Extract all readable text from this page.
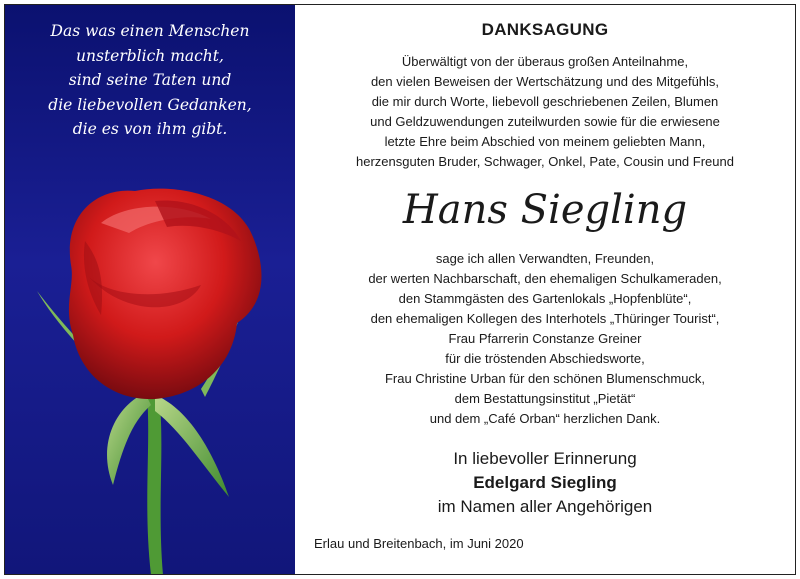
Das was einen Menschen
unsterblich macht,
sind seine Taten und
die liebevollen Gedanken,
die es von ihm gibt.
DANKSAGUNG
Überwältigt von der überaus großen Anteilnahme,
den vielen Beweisen der Wertschätzung und des Mitgefühls,
die mir durch Worte, liebevoll geschriebenen Zeilen, Blumen
und Geldzuwendungen zuteilwurden sowie für die erwiesene
letzte Ehre beim Abschied von meinem geliebten Mann,
herzensguten Bruder, Schwager, Onkel, Pate, Cousin und Freund
Hans Siegling
sage ich allen Verwandten, Freunden,
der werten Nachbarschaft, den ehemaligen Schulkameraden,
den Stammgästen des Gartenlokals „Hopfenblüte“,
den ehemaligen Kollegen des Interhotels „Thüringer Tourist“,
Frau Pfarrerin Constanze Greiner
für die tröstenden Abschiedsworte,
Frau Christine Urban für den schönen Blumenschmuck,
dem Bestattungsinstitut „Pietät“
und dem „Café Orban“ herzlichen Dank.
In liebevoller Erinnerung
Edelgard Siegling
im Namen aller Angehörigen
Erlau und Breitenbach, im Juni 2020
